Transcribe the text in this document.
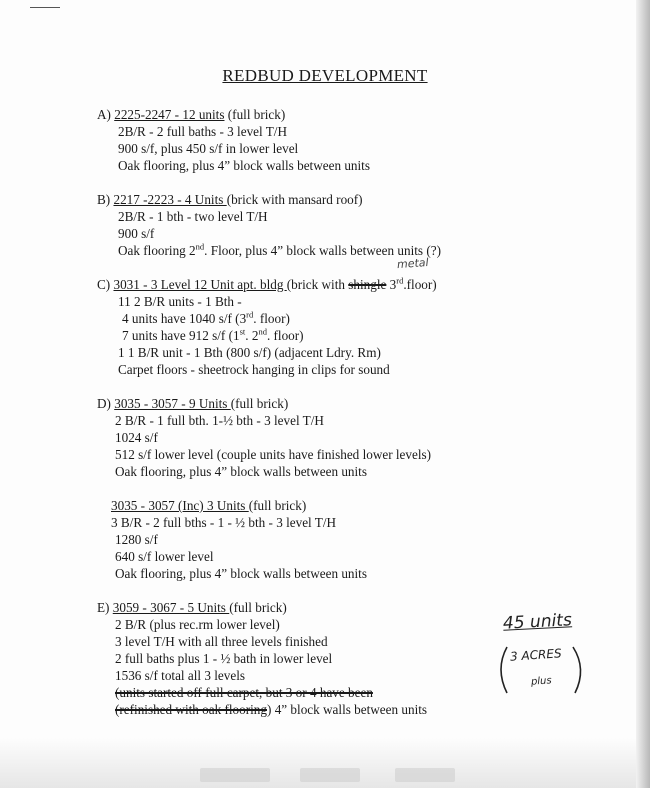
REDBUD DEVELOPMENT
A) 2225-2247 - 12 units (full brick)
2B/R - 2 full baths - 3 level T/H
900 s/f, plus 450 s/f in lower level
Oak flooring, plus 4” block walls between units
B) 2217 -2223 - 4 Units (brick with mansard roof)
2B/R - 1 bth - two level T/H
900 s/f
Oak flooring 2nd. Floor, plus 4” block walls between units (?)
metal
C) 3031 - 3 Level 12 Unit apt. bldg (brick with shingle 3rd.floor)
11 2 B/R units - 1 Bth -
4 units have 1040 s/f (3rd. floor)
7 units have 912 s/f (1st. 2nd. floor)
1 1 B/R unit - 1 Bth (800 s/f) (adjacent Ldry. Rm)
Carpet floors - sheetrock hanging in clips for sound
D) 3035 - 3057 - 9 Units (full brick)
2 B/R - 1 full bth. 1-½ bth - 3 level T/H
1024 s/f
512 s/f lower level (couple units have finished lower levels)
Oak flooring, plus 4” block walls between units
3035 - 3057 (Inc) 3 Units (full brick)
3 B/R - 2 full bths - 1 - ½ bth - 3 level T/H
1280 s/f
640 s/f lower level
Oak flooring, plus 4” block walls between units
E) 3059 - 3067 - 5 Units (full brick)
2 B/R (plus rec.rm lower level)
3 level T/H with all three levels finished
2 full baths plus 1 - ½ bath in lower level
1536 s/f total all 3 levels
(units started off full carpet, but 3 or 4 have been
(refinished with oak flooring) 4” block walls between units
45 units
3 ACRES
plus
